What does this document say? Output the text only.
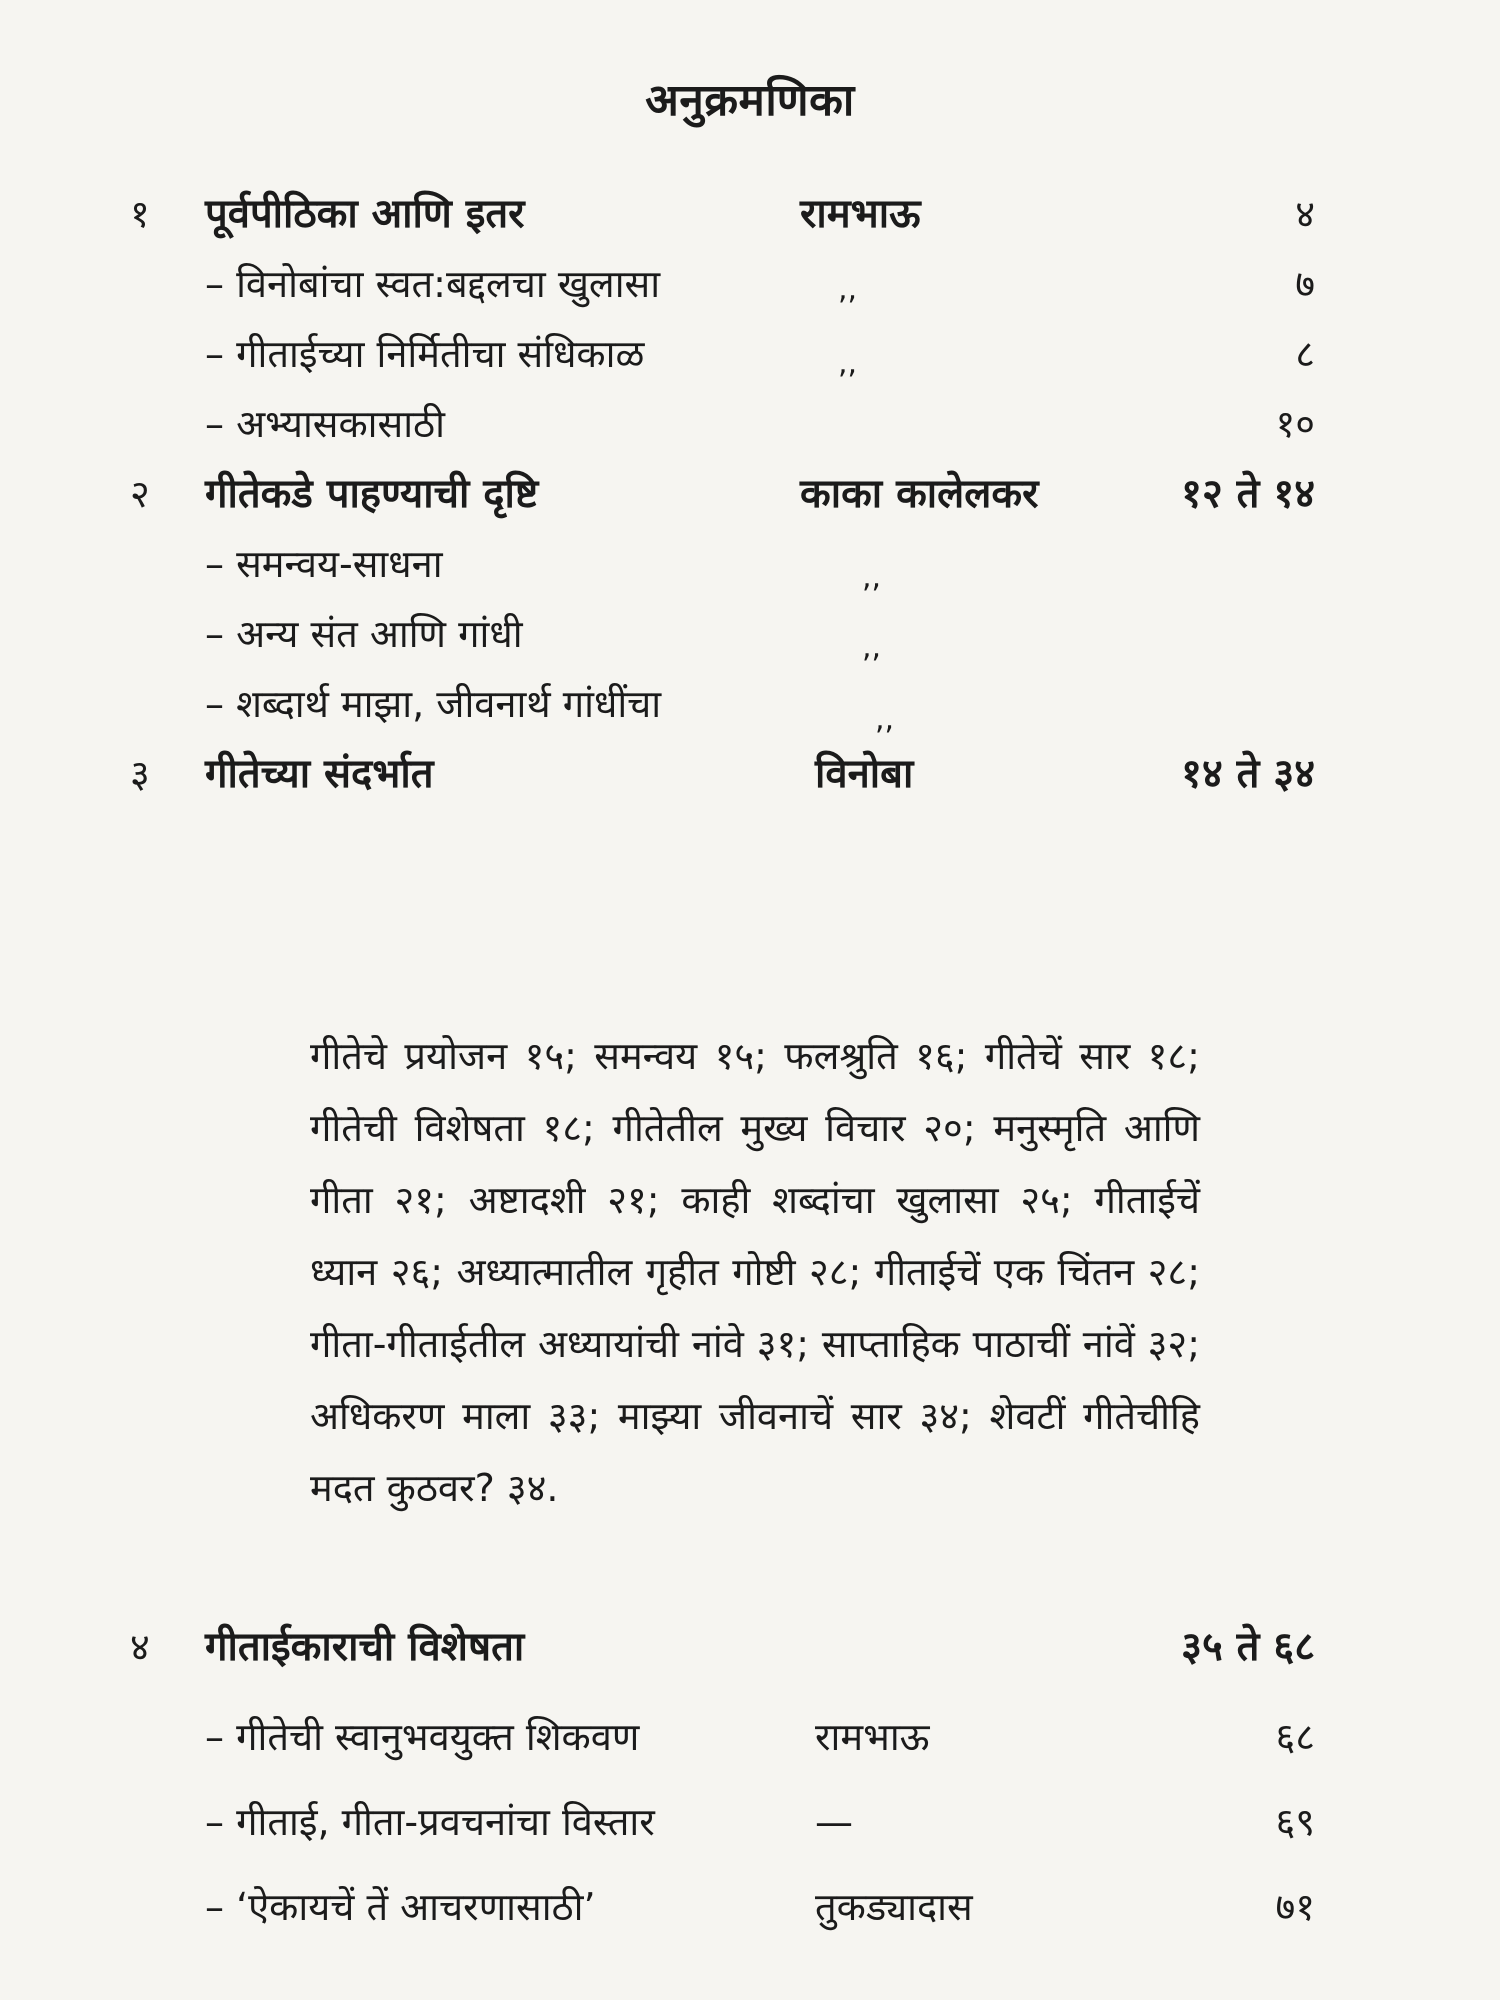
अनुक्रमणिका
१ पूर्वपीठिका आणि इतर	रामभाऊ	४
– विनोबांचा स्वत:बद्दलचा खुलासा	,,	७
– गीताईच्या निर्मितीचा संधिकाळ	,,	८
– अभ्यासकासाठी	१०
२ गीतेकडे पाहण्याची दृष्टि	काका कालेलकर	१२ ते १४
– समन्वय-साधना	,,
– अन्य संत आणि गांधी	,,
– शब्दार्थ माझा, जीवनार्थ गांधींचा	,,
३ गीतेच्या संदर्भात	विनोबा	१४ ते ३४
गीतेचे प्रयोजन १५; समन्वय १५; फलश्रुति १६; गीतेचें सार १८; गीतेची विशेषता १८; गीतेतील मुख्य विचार २०; मनुस्मृति आणि गीता २१; अष्टादशी २१; काही शब्दांचा खुलासा २५; गीताईचें ध्यान २६; अध्यात्मातील गृहीत गोष्टी २८; गीताईचें एक चिंतन २८; गीता-गीताईतील अध्यायांची नांवे ३१; साप्ताहिक पाठाचीं नांवें ३२; अधिकरण माला ३३; माझ्या जीवनाचें सार ३४; शेवटीं गीतेचीहि मदत कुठवर? ३४.
४ गीताईकाराची विशेषता	३५ ते ६८
– गीतेची स्वानुभवयुक्त शिकवण	रामभाऊ	६८
– गीताई, गीता-प्रवचनांचा विस्तार	—	६९
– ‘ऐकायचें तें आचरणासाठी’	तुकड्यादास	७१
